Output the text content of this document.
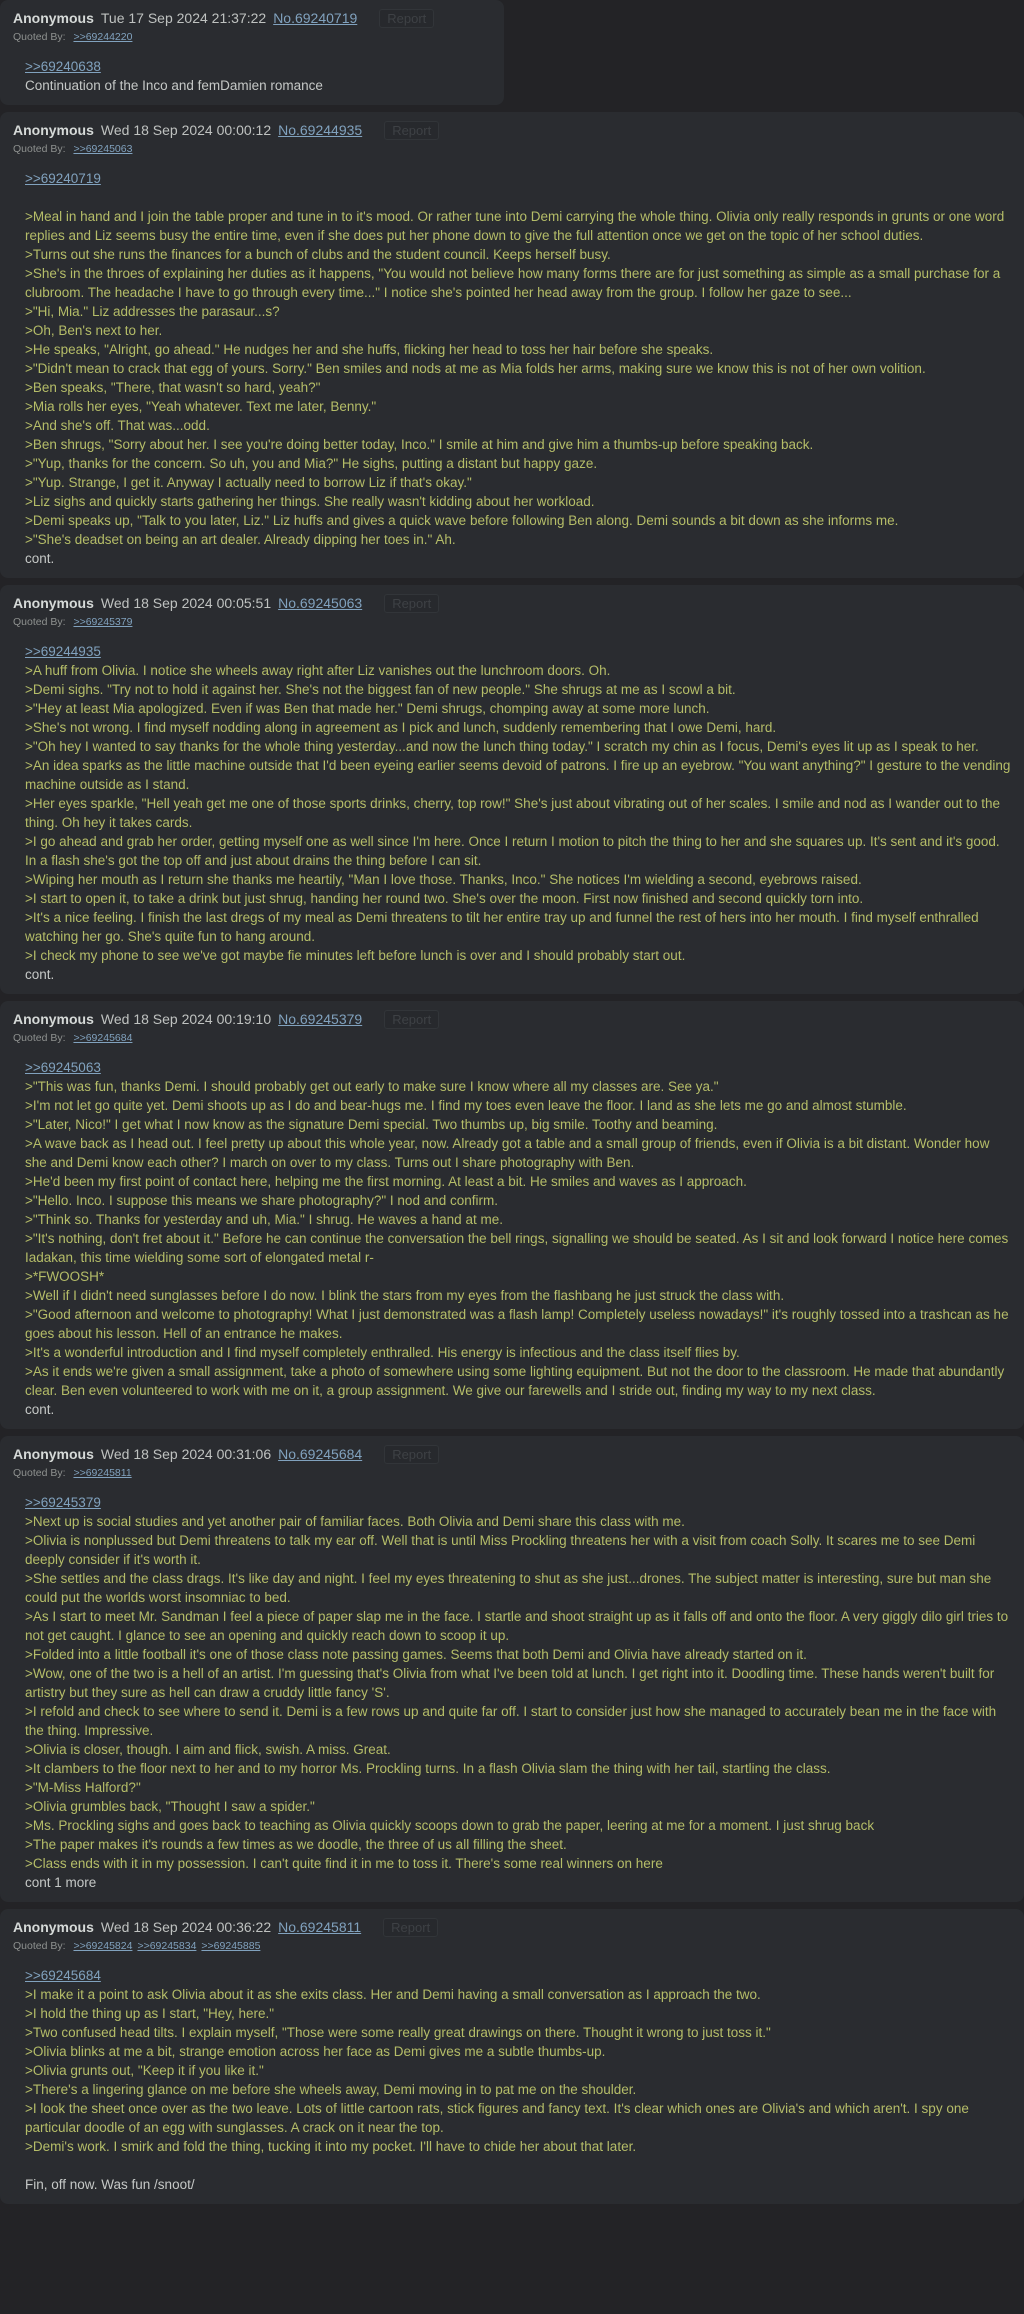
Anonymous Tue 17 Sep 2024 21:37:22 No.69240719 Report
Quoted By: >>69244220
>>69240638
Continuation of the Inco and femDamien romance
Anonymous Wed 18 Sep 2024 00:00:12 No.69244935 Report
Quoted By: >>69245063
>>69240719

>Meal in hand and I join the table proper and tune in to it's mood. Or rather tune into Demi carrying the whole thing. Olivia only really responds in grunts or one word replies and Liz seems busy the entire time, even if she does put her phone down to give the full attention once we get on the topic of her school duties.
>Turns out she runs the finances for a bunch of clubs and the student council. Keeps herself busy.
>She's in the throes of explaining her duties as it happens, "You would not believe how many forms there are for just something as simple as a small purchase for a clubroom. The headache I have to go through every time..." I notice she's pointed her head away from the group. I follow her gaze to see...
>"Hi, Mia." Liz addresses the parasaur...s?
>Oh, Ben's next to her.
>He speaks, "Alright, go ahead." He nudges her and she huffs, flicking her head to toss her hair before she speaks.
>"Didn't mean to crack that egg of yours. Sorry." Ben smiles and nods at me as Mia folds her arms, making sure we know this is not of her own volition.
>Ben speaks, "There, that wasn't so hard, yeah?"
>Mia rolls her eyes, "Yeah whatever. Text me later, Benny."
>And she's off. That was...odd.
>Ben shrugs, "Sorry about her. I see you're doing better today, Inco." I smile at him and give him a thumbs-up before speaking back.
>"Yup, thanks for the concern. So uh, you and Mia?" He sighs, putting a distant but happy gaze.
>"Yup. Strange, I get it. Anyway I actually need to borrow Liz if that's okay."
>Liz sighs and quickly starts gathering her things. She really wasn't kidding about her workload.
>Demi speaks up, "Talk to you later, Liz." Liz huffs and gives a quick wave before following Ben along. Demi sounds a bit down as she informs me.
>"She's deadset on being an art dealer. Already dipping her toes in." Ah.
cont.
Anonymous Wed 18 Sep 2024 00:05:51 No.69245063 Report
Quoted By: >>69245379
>>69244935
>A huff from Olivia. I notice she wheels away right after Liz vanishes out the lunchroom doors. Oh.
>Demi sighs. "Try not to hold it against her. She's not the biggest fan of new people." She shrugs at me as I scowl a bit.
>"Hey at least Mia apologized. Even if was Ben that made her." Demi shrugs, chomping away at some more lunch.
>She's not wrong. I find myself nodding along in agreement as I pick and lunch, suddenly remembering that I owe Demi, hard.
>"Oh hey I wanted to say thanks for the whole thing yesterday...and now the lunch thing today." I scratch my chin as I focus, Demi's eyes lit up as I speak to her.
>An idea sparks as the little machine outside that I'd been eyeing earlier seems devoid of patrons. I fire up an eyebrow. "You want anything?" I gesture to the vending machine outside as I stand.
>Her eyes sparkle, "Hell yeah get me one of those sports drinks, cherry, top row!" She's just about vibrating out of her scales. I smile and nod as I wander out to the thing. Oh hey it takes cards.
>I go ahead and grab her order, getting myself one as well since I'm here. Once I return I motion to pitch the thing to her and she squares up. It's sent and it's good. In a flash she's got the top off and just about drains the thing before I can sit.
>Wiping her mouth as I return she thanks me heartily, "Man I love those. Thanks, Inco." She notices I'm wielding a second, eyebrows raised.
>I start to open it, to take a drink but just shrug, handing her round two. She's over the moon. First now finished and second quickly torn into.
>It's a nice feeling. I finish the last dregs of my meal as Demi threatens to tilt her entire tray up and funnel the rest of hers into her mouth. I find myself enthralled watching her go. She's quite fun to hang around.
>I check my phone to see we've got maybe fie minutes left before lunch is over and I should probably start out.
cont.
Anonymous Wed 18 Sep 2024 00:19:10 No.69245379 Report
Quoted By: >>69245684
>>69245063
>"This was fun, thanks Demi. I should probably get out early to make sure I know where all my classes are. See ya."
>I'm not let go quite yet. Demi shoots up as I do and bear-hugs me. I find my toes even leave the floor. I land as she lets me go and almost stumble.
>"Later, Nico!" I get what I now know as the signature Demi special. Two thumbs up, big smile. Toothy and beaming.
>A wave back as I head out. I feel pretty up about this whole year, now. Already got a table and a small group of friends, even if Olivia is a bit distant. Wonder how she and Demi know each other? I march on over to my class. Turns out I share photography with Ben.
>He'd been my first point of contact here, helping me the first morning. At least a bit. He smiles and waves as I approach.
>"Hello. Inco. I suppose this means we share photography?" I nod and confirm.
>"Think so. Thanks for yesterday and uh, Mia." I shrug. He waves a hand at me.
>"It's nothing, don't fret about it." Before he can continue the conversation the bell rings, signalling we should be seated. As I sit and look forward I notice here comes Iadakan, this time wielding some sort of elongated metal r-
>*FWOOSH*
>Well if I didn't need sunglasses before I do now. I blink the stars from my eyes from the flashbang he just struck the class with.
>"Good afternoon and welcome to photography! What I just demonstrated was a flash lamp! Completely useless nowadays!" it's roughly tossed into a trashcan as he goes about his lesson. Hell of an entrance he makes.
>It's a wonderful introduction and I find myself completely enthralled. His energy is infectious and the class itself flies by.
>As it ends we're given a small assignment, take a photo of somewhere using some lighting equipment. But not the door to the classroom. He made that abundantly clear. Ben even volunteered to work with me on it, a group assignment. We give our farewells and I stride out, finding my way to my next class.
cont.
Anonymous Wed 18 Sep 2024 00:31:06 No.69245684 Report
Quoted By: >>69245811
>>69245379
>Next up is social studies and yet another pair of familiar faces. Both Olivia and Demi share this class with me.
>Olivia is nonplussed but Demi threatens to talk my ear off. Well that is until Miss Prockling threatens her with a visit from coach Solly. It scares me to see Demi deeply consider if it's worth it.
>She settles and the class drags. It's like day and night. I feel my eyes threatening to shut as she just...drones. The subject matter is interesting, sure but man she could put the worlds worst insomniac to bed.
>As I start to meet Mr. Sandman I feel a piece of paper slap me in the face. I startle and shoot straight up as it falls off and onto the floor. A very giggly dilo girl tries to not get caught. I glance to see an opening and quickly reach down to scoop it up.
>Folded into a little football it's one of those class note passing games. Seems that both Demi and Olivia have already started on it.
>Wow, one of the two is a hell of an artist. I'm guessing that's Olivia from what I've been told at lunch. I get right into it. Doodling time. These hands weren't built for artistry but they sure as hell can draw a cruddy little fancy 'S'.
>I refold and check to see where to send it. Demi is a few rows up and quite far off. I start to consider just how she managed to accurately bean me in the face with the thing. Impressive.
>Olivia is closer, though. I aim and flick, swish. A miss. Great.
>It clambers to the floor next to her and to my horror Ms. Prockling turns. In a flash Olivia slam the thing with her tail, startling the class.
>"M-Miss Halford?"
>Olivia grumbles back, "Thought I saw a spider."
>Ms. Prockling sighs and goes back to teaching as Olivia quickly scoops down to grab the paper, leering at me for a moment. I just shrug back
>The paper makes it's rounds a few times as we doodle, the three of us all filling the sheet.
>Class ends with it in my possession. I can't quite find it in me to toss it. There's some real winners on here
cont 1 more
Anonymous Wed 18 Sep 2024 00:36:22 No.69245811 Report
Quoted By: >>69245824 >>69245834 >>69245885
>>69245684
>I make it a point to ask Olivia about it as she exits class. Her and Demi having a small conversation as I approach the two.
>I hold the thing up as I start, "Hey, here."
>Two confused head tilts. I explain myself, "Those were some really great drawings on there. Thought it wrong to just toss it."
>Olivia blinks at me a bit, strange emotion across her face as Demi gives me a subtle thumbs-up.
>Olivia grunts out, "Keep it if you like it."
>There's a lingering glance on me before she wheels away, Demi moving in to pat me on the shoulder.
>I look the sheet once over as the two leave. Lots of little cartoon rats, stick figures and fancy text. It's clear which ones are Olivia's and which aren't. I spy one particular doodle of an egg with sunglasses. A crack on it near the top.
>Demi's work. I smirk and fold the thing, tucking it into my pocket. I'll have to chide her about that later.

Fin, off now. Was fun /snoot/
